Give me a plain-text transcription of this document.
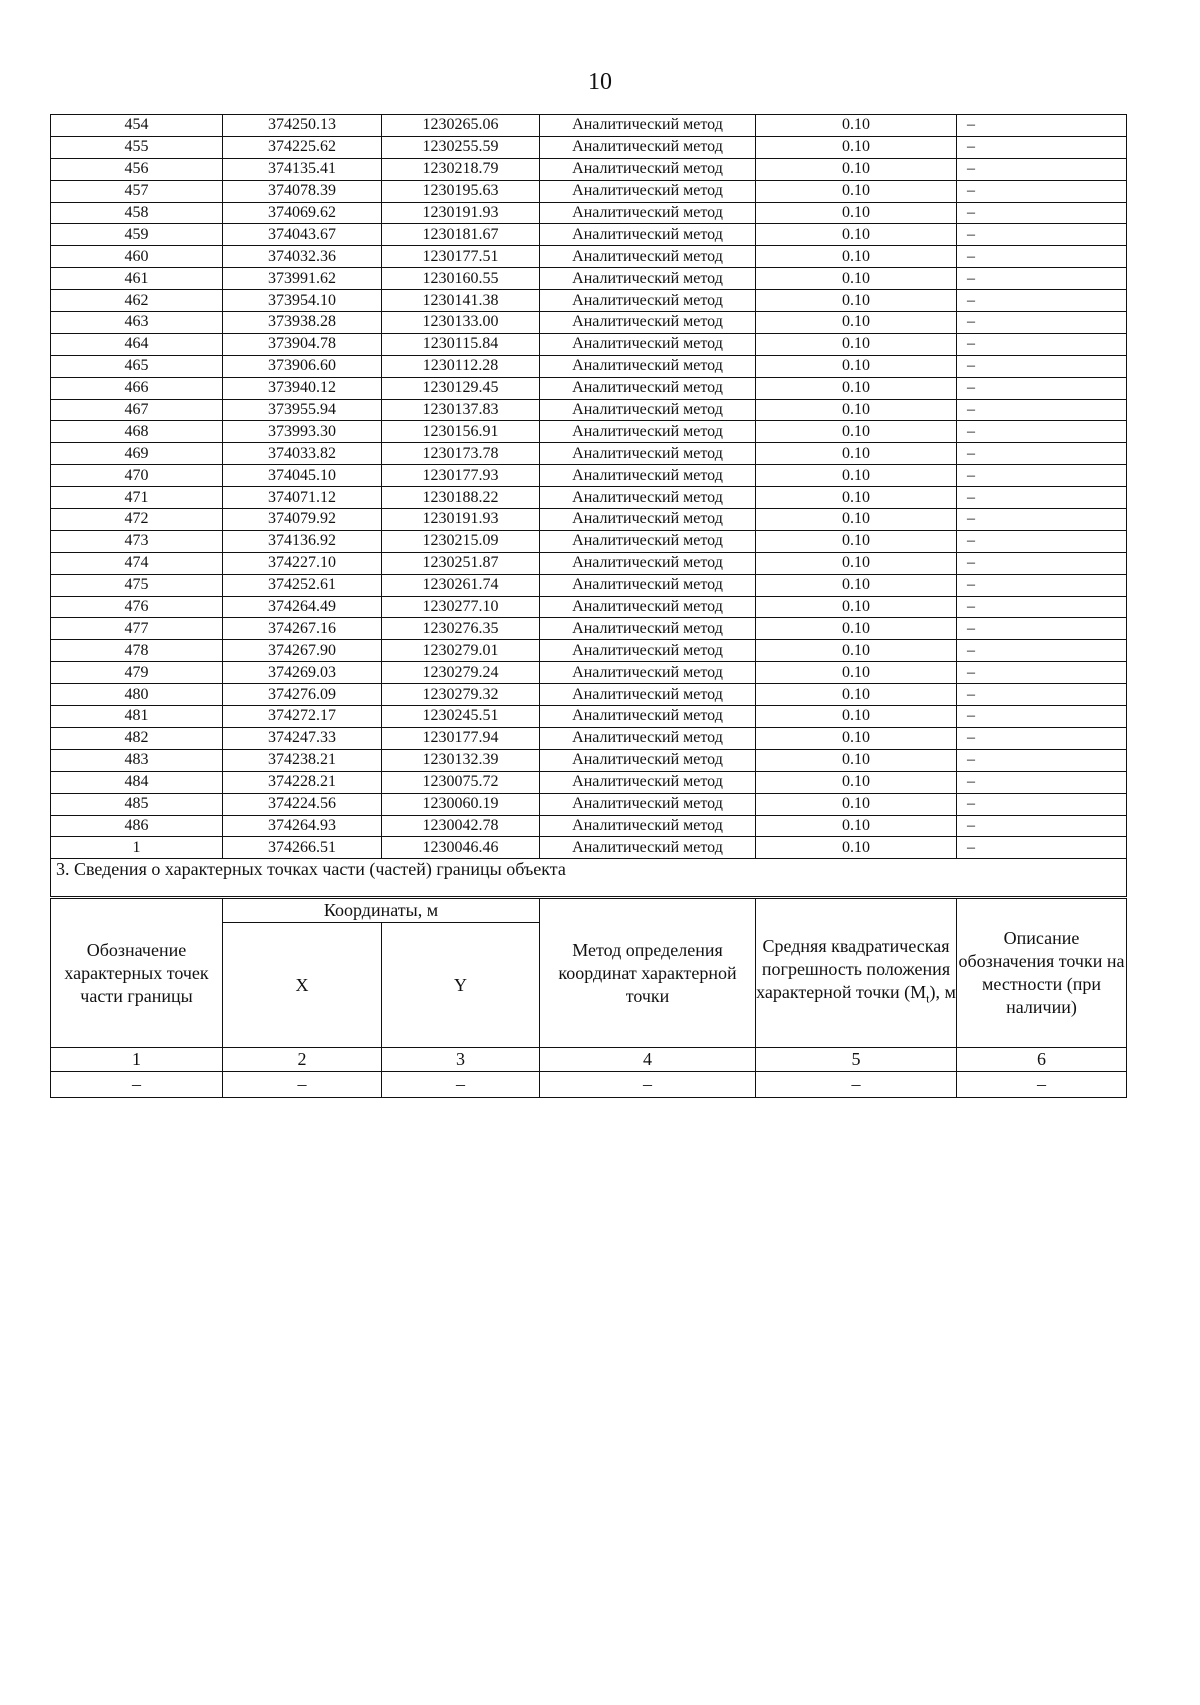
10
454	374250.13	1230265.06	Аналитический метод	0.10	–
455	374225.62	1230255.59	Аналитический метод	0.10	–
456	374135.41	1230218.79	Аналитический метод	0.10	–
457	374078.39	1230195.63	Аналитический метод	0.10	–
458	374069.62	1230191.93	Аналитический метод	0.10	–
459	374043.67	1230181.67	Аналитический метод	0.10	–
460	374032.36	1230177.51	Аналитический метод	0.10	–
461	373991.62	1230160.55	Аналитический метод	0.10	–
462	373954.10	1230141.38	Аналитический метод	0.10	–
463	373938.28	1230133.00	Аналитический метод	0.10	–
464	373904.78	1230115.84	Аналитический метод	0.10	–
465	373906.60	1230112.28	Аналитический метод	0.10	–
466	373940.12	1230129.45	Аналитический метод	0.10	–
467	373955.94	1230137.83	Аналитический метод	0.10	–
468	373993.30	1230156.91	Аналитический метод	0.10	–
469	374033.82	1230173.78	Аналитический метод	0.10	–
470	374045.10	1230177.93	Аналитический метод	0.10	–
471	374071.12	1230188.22	Аналитический метод	0.10	–
472	374079.92	1230191.93	Аналитический метод	0.10	–
473	374136.92	1230215.09	Аналитический метод	0.10	–
474	374227.10	1230251.87	Аналитический метод	0.10	–
475	374252.61	1230261.74	Аналитический метод	0.10	–
476	374264.49	1230277.10	Аналитический метод	0.10	–
477	374267.16	1230276.35	Аналитический метод	0.10	–
478	374267.90	1230279.01	Аналитический метод	0.10	–
479	374269.03	1230279.24	Аналитический метод	0.10	–
480	374276.09	1230279.32	Аналитический метод	0.10	–
481	374272.17	1230245.51	Аналитический метод	0.10	–
482	374247.33	1230177.94	Аналитический метод	0.10	–
483	374238.21	1230132.39	Аналитический метод	0.10	–
484	374228.21	1230075.72	Аналитический метод	0.10	–
485	374224.56	1230060.19	Аналитический метод	0.10	–
486	374264.93	1230042.78	Аналитический метод	0.10	–
1	374266.51	1230046.46	Аналитический метод	0.10	–
3. Сведения о характерных точках части (частей) границы объекта					
Обозначение характерных точек части границы	Координаты, м		Метод определения координат характерной точки	Средняя квадратическая погрешность положения характерной точки $(M_t)$, м	Описание обозначения точки на местности (при наличии)
	X	Y			
1	2	3	4	5	6
–	–	–	–	–	–
